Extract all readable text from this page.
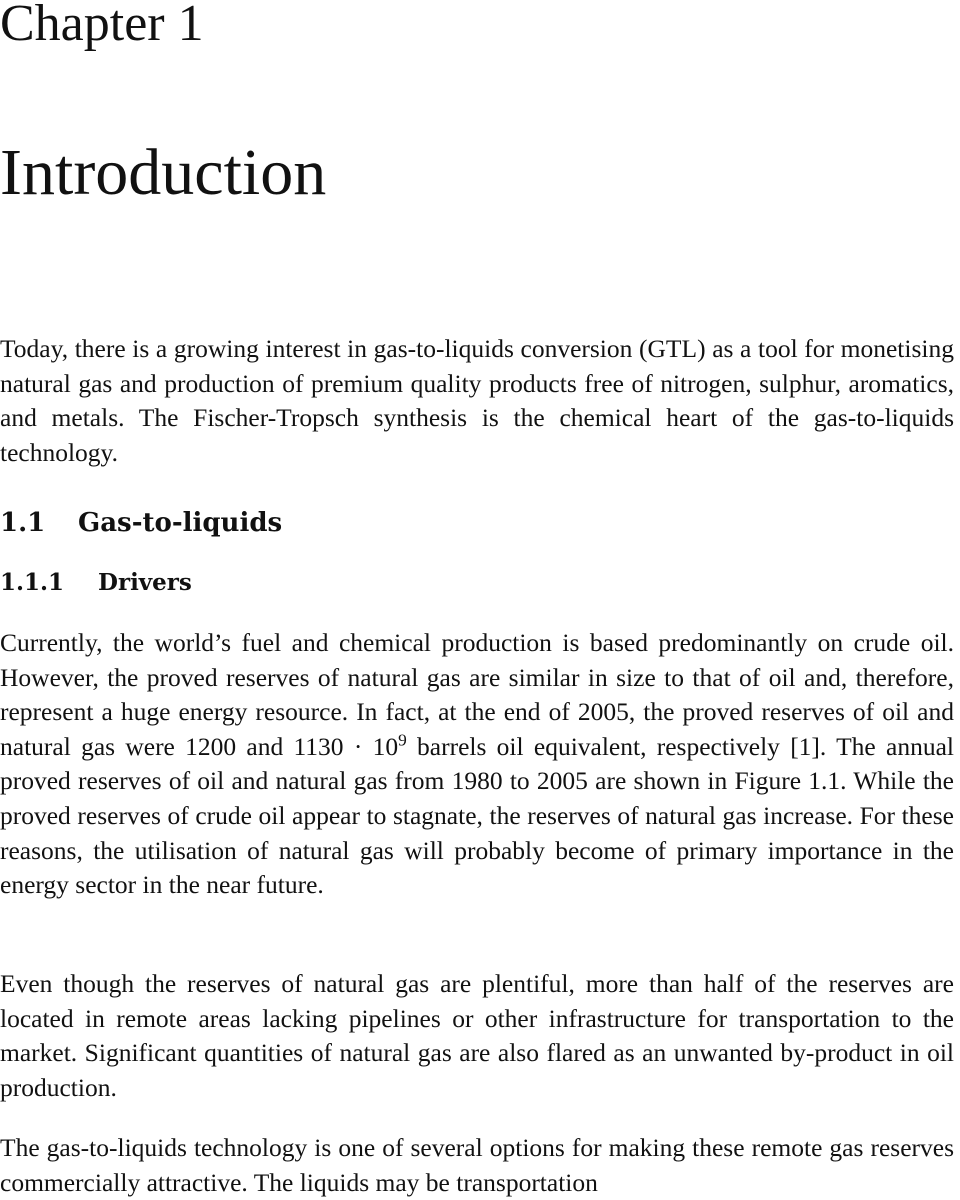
Chapter 1
Introduction

Today, there is a growing interest in gas-to-liquids conversion (GTL) as a tool for monetising natural gas and production of premium quality products free of nitrogen, sulphur, aromatics, and metals. The Fischer-Tropsch synthesis is the chemical heart of the gas-to-liquids technology.

1.1 Gas-to-liquids
1.1.1 Drivers

Currently, the world’s fuel and chemical production is based predominantly on crude oil. However, the proved reserves of natural gas are similar in size to that of oil and, therefore, represent a huge energy resource. In fact, at the end of 2005, the proved reserves of oil and natural gas were 1200 and $1130 \cdot 10^9$ barrels oil equivalent, respectively [1]. The annual proved reserves of oil and natural gas from 1980 to 2005 are shown in Figure 1.1. While the proved reserves of crude oil appear to stagnate, the reserves of natural gas increase. For these reasons, the utilisation of natural gas will probably become of primary importance in the energy sector in the near future.

Even though the reserves of natural gas are plentiful, more than half of the reserves are located in remote areas lacking pipelines or other infrastructure for transportation to the market. Significant quantities of natural gas are also flared as an unwanted by-product in oil production.

The gas-to-liquids technology is one of several options for making these remote gas reserves commercially attractive. The liquids may be transportation
